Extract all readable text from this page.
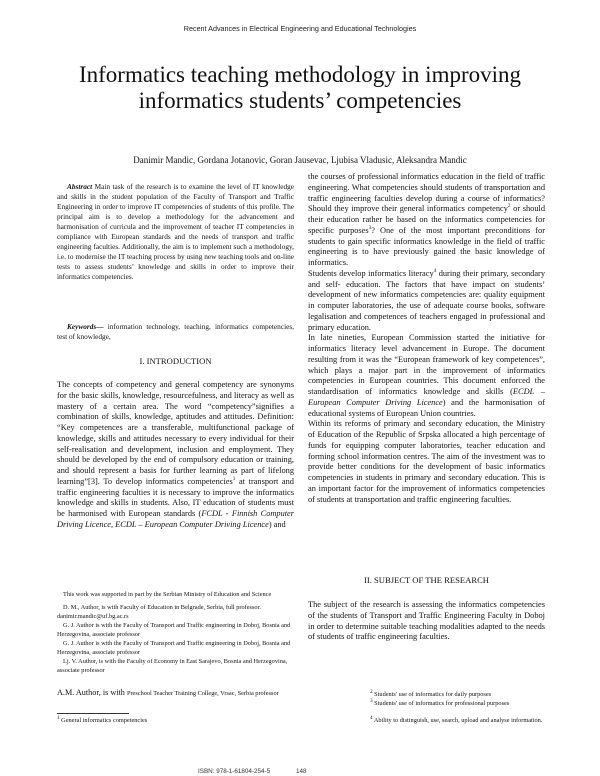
Recent Advances in Electrical Engineering and Educational Technologies
Informatics teaching methodology in improving informatics students’ competencies
Danimir Mandic, Gordana Jotanovic, Goran Jausevac, Ljubisa Vladusic, Aleksandra Mandic

Abstract Main task of the research is to examine the level of IT knowledge and skills in the student population of the Faculty of Transport and Traffic Engineering in order to improve IT competencies of students of this profile. The principal aim is to develop a methodology for the advancement and harmonisation of curricula and the improvement of teacher IT competencies in compliance with European standards and the needs of transport and traffic engineering faculties. Additionally, the aim is to implement such a methodology, i.e. to modernise the IT teaching process by using new teaching tools and on-line tests to assess students’ knowledge and skills in order to improve their informatics competencies.

Keywords— information technology, teaching, informatics competencies, test of knowledge,

I. INTRODUCTION

The concepts of competency and general competency are synonyms for the basic skills, knowledge, resourcefulness, and literacy as well as mastery of a certain area. The word “competency”signifies a combination of skills, knowledge, aptitudes and attitudes. Definition: “Key competences are a transferable, multifunctional package of knowledge, skills and attitudes necessary to every individual for their self-realisation and development, inclusion and employment. They should be developed by the end of compulsory education or training, and should represent a basis for further learning as part of lifelong learning”[3]. To develop informatics competencies$^1$ at transport and traffic engineering faculties it is necessary to improve the informatics knowledge and skills in students. Also, IT education of students must be harmonised with European standards (FCDL - Finnish Computer Driving Licence, ECDL – European Computer Driving Licence) and

the courses of professional informatics education in the field of traffic engineering. What competencies should students of transportation and traffic engineering faculties develop during a course of informatics? Should they improve their general informatics competency$^2$ or should their education rather be based on the informatics competencies for specific purposes$^3$? One of the most important preconditions for students to gain specific informatics knowledge in the field of traffic engineering is to have previously gained the basic knowledge of informatics.

Students develop informatics literacy$^4$ during their primary, secondary and self- education. The factors that have impact on students’ development of new informatics competencies are: quality equipment in computer laboratories, the use of adequate course books, software legalisation and competences of teachers engaged in professional and primary education.

In late nineties, European Commission started the initiative for informatics literacy level advancement in Europe. The document resulting from it was the “European framework of key competences”, which plays a major part in the improvement of informatics competencies in European countries. This document enforced the standardisation of informatics knowledge and skills (ECDL – European Computer Driving Licence) and the harmonisation of educational systems of European Union countries.

Within its reforms of primary and secondary education, the Ministry of Education of the Republic of Srpska allocated a high percentage of funds for equipping computer laboratories, teacher education and forming school information centres. The aim of the investment was to provide better conditions for the development of basic informatics competencies in students in primary and secondary education. This is an important factor for the improvement of informatics competencies of students at transportation and traffic engineering faculties.

II. SUBJECT OF THE RESEARCH

The subject of the research is assessing the informatics competencies of the students of Transport and Traffic Engineering Faculty in Doboj in order to determine suitable teaching modalities adapted to the needs of students of traffic engineering faculties.

This work was supported in part by the Serbian Ministry of Education and Science

D. M., Author, is with Faculty of Education in Belgrade, Serbia, full professor. danimir.mandic@uf.bg.ac.rs

G. J. Author is with the Faculty of Transport and Traffic engineering in Doboj, Bosnia and Herzegovina, associate professor

G. J. Author is with the Faculty of Transport and Traffic engineering in Doboj, Bosnia and Herzegovina, associate professor

Lj. V. Author, is with the Faculty of Economy in East Sarajevo, Bosnia and Herzegovina, associate professor

A.M. Author, is with Preschool Teacher Training College, Vrsac, Serbia professor

$^1$ General informatics competencies

$^2$ Students' use of informatics for daily purposes

$^3$ Students' use of informatics for professional purposes

$^4$ Ability to distinguish, use, search, upload and analyse information.

ISBN: 978-1-61804-254-5	148
